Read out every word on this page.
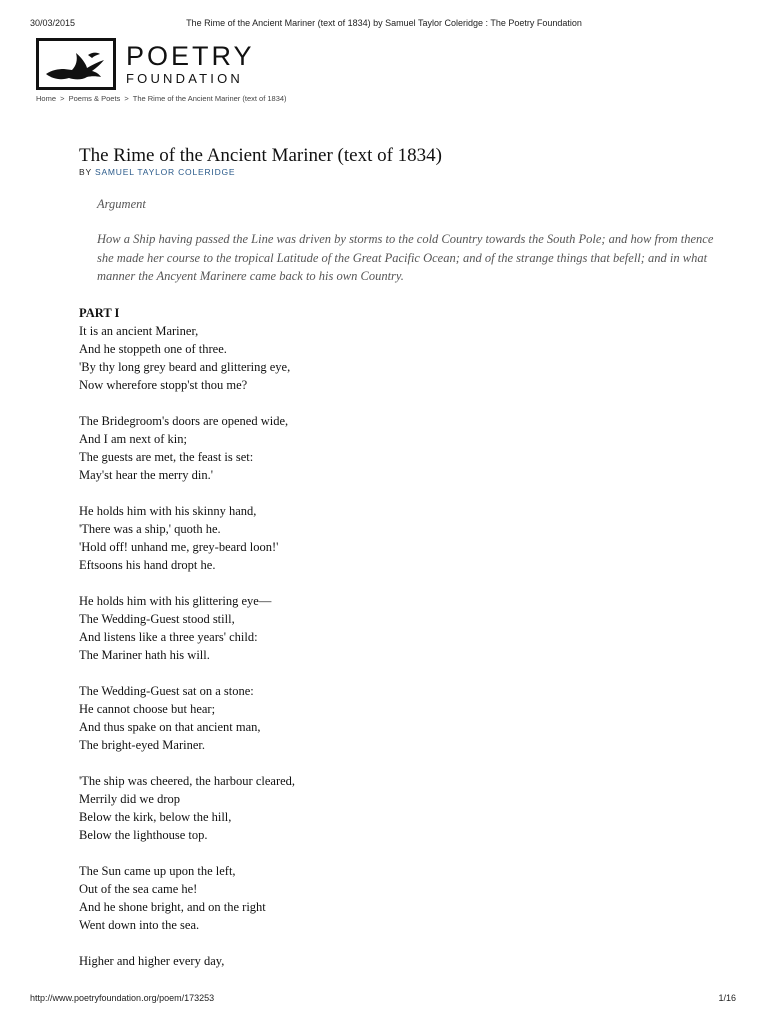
30/03/2015	The Rime of the Ancient Mariner (text of 1834) by Samuel Taylor Coleridge : The Poetry Foundation
POETRY
FOUNDATION
Home > Poems & Poets > The Rime of the Ancient Mariner (text of 1834)
The Rime of the Ancient Mariner (text of 1834)
BY SAMUEL TAYLOR COLERIDGE

Argument

How a Ship having passed the Line was driven by storms to the cold Country towards the South Pole; and how from thence she made her course to the tropical Latitude of the Great Pacific Ocean; and of the strange things that befell; and in what manner the Ancyent Marinere came back to his own Country.

PART I

It is an ancient Mariner,
And he stoppeth one of three.
'By thy long grey beard and glittering eye,
Now wherefore stopp'st thou me?
The Bridegroom's doors are opened wide,
And I am next of kin;
The guests are met, the feast is set:
May'st hear the merry din.'
He holds him with his skinny hand,
'There was a ship,' quoth he.
'Hold off! unhand me, grey-beard loon!'
Eftsoons his hand dropt he.
He holds him with his glittering eye—
The Wedding-Guest stood still,
And listens like a three years' child:
The Mariner hath his will.
The Wedding-Guest sat on a stone:
He cannot choose but hear;
And thus spake on that ancient man,
The bright-eyed Mariner.
'The ship was cheered, the harbour cleared,
Merrily did we drop
Below the kirk, below the hill,
Below the lighthouse top.
The Sun came up upon the left,
Out of the sea came he!
And he shone bright, and on the right
Went down into the sea.
Higher and higher every day,
http://www.poetryfoundation.org/poem/173253	1/16
